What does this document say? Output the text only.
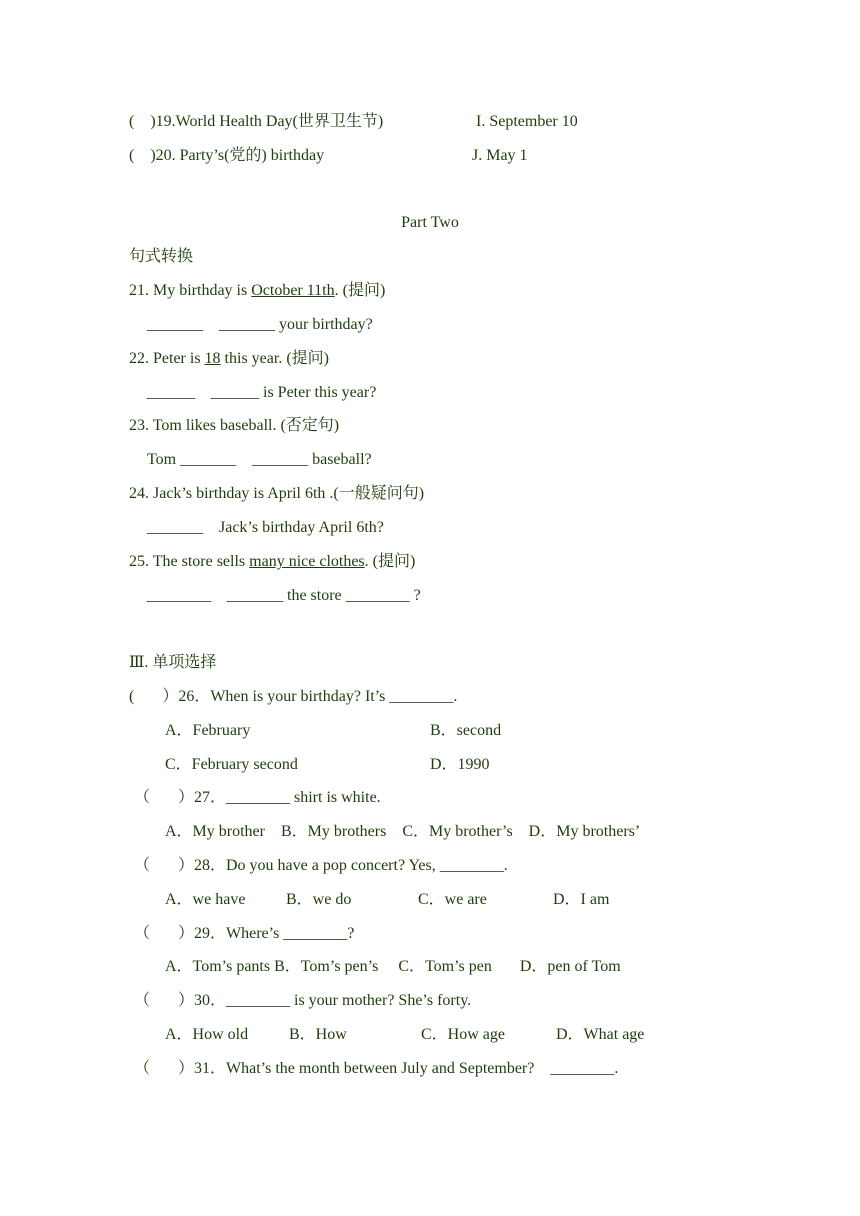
(    )19.World Health Day(世界卫生节)	I. September 10
(    )20. Party’s(党的) birthday	J. May 1
Part Two
句式转换
21. My birthday is October 11th. (提问)
_______    _______ your birthday?
22. Peter is 18 this year. (提问)
______    ______ is Peter this year?
23. Tom likes baseball. (否定句)
Tom _______    _______ baseball?
24. Jack’s birthday is April 6th .(一般疑问句)
_______    Jack’s birthday April 6th?
25. The store sells many nice clothes. (提问)
________    _______ the store ________ ?
Ⅲ. 单项选择
(       ）26．When is your birthday? It’s ________.
A．February	B．second
C．February second	D．1990
（       ）27．________ shirt is white.
A．My brother    B．My brothers    C．My brother’s    D．My brothers’
（       ）28．Do you have a pop concert? Yes, ________.
A．we have	B．we do	C．we are	D．I am
（       ）29．Where’s ________?
A．Tom’s pants B．Tom’s pen’s     C．Tom’s pen       D．pen of Tom
（       ）30．________ is your mother? She’s forty.
A．How old	B．How	C．How age	D．What age
（       ）31．What’s the month between July and September?    ________.
